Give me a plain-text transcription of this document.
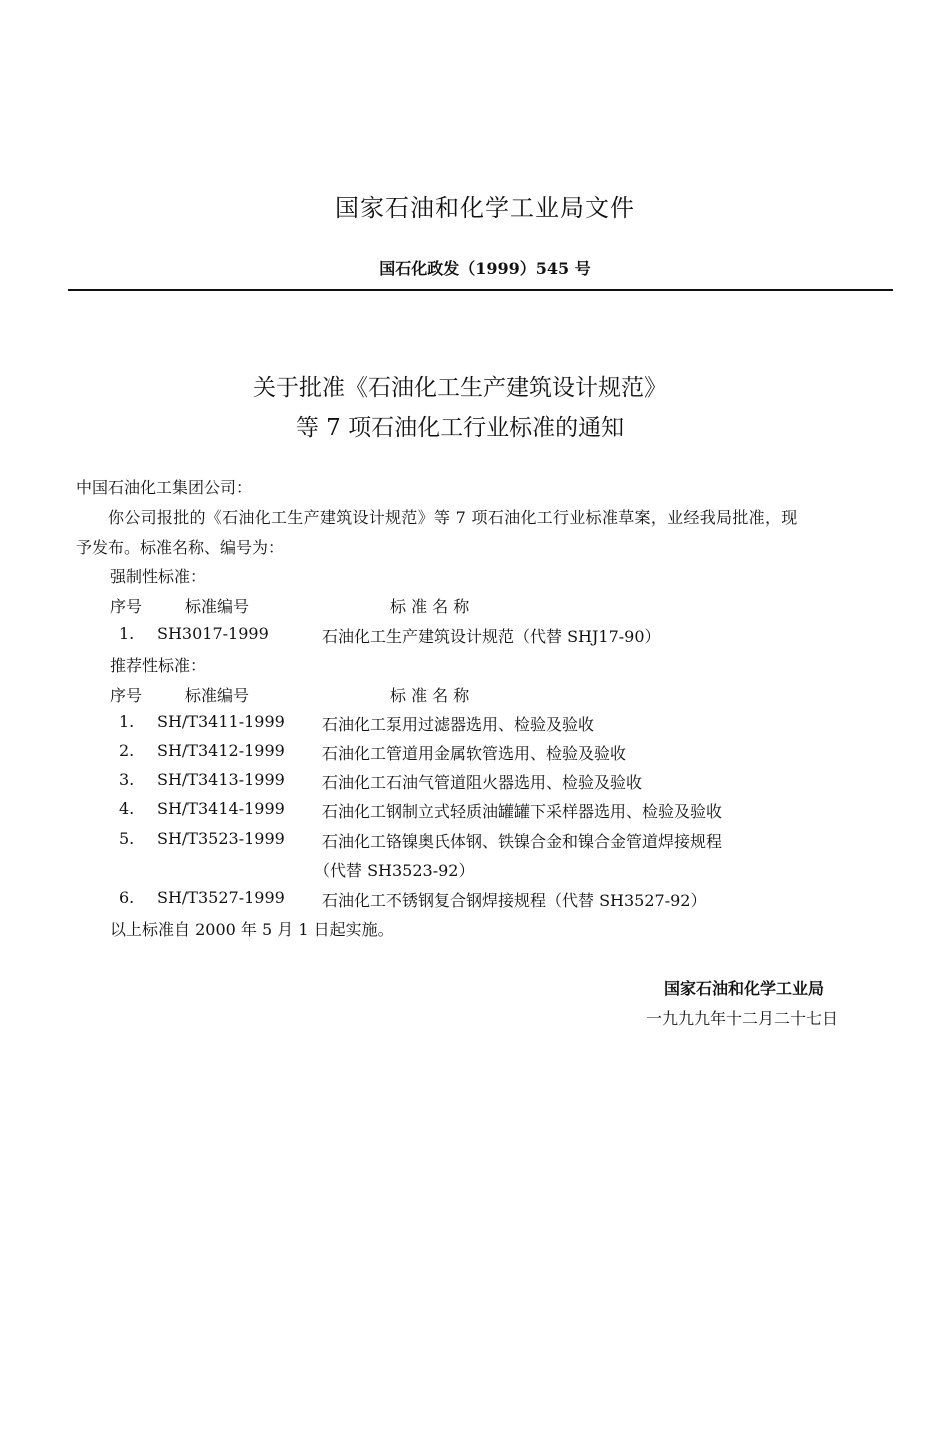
国家石油和化学工业局文件
国石化政发（1999）545 号
关于批准《石油化工生产建筑设计规范》
等 7 项石油化工行业标准的通知
中国石油化工集团公司：
你公司报批的《石油化工生产建筑设计规范》等 7 项石油化工行业标准草案，业经我局批准，现
予发布。标准名称、编号为：
强制性标准：
序号	标准编号	标 准 名 称
1. SH3017-1999	石油化工生产建筑设计规范（代替 SHJ17-90）
推荐性标准：
序号	标准编号	标 准 名 称
1. SH/T3411-1999 石油化工泵用过滤器选用、检验及验收
2. SH/T3412-1999 石油化工管道用金属软管选用、检验及验收
3. SH/T3413-1999 石油化工石油气管道阻火器选用、检验及验收
4. SH/T3414-1999 石油化工钢制立式轻质油罐罐下采样器选用、检验及验收
5. SH/T3523-1999 石油化工铬镍奥氏体钢、铁镍合金和镍合金管道焊接规程
（代替 SH3523-92）
6. SH/T3527-1999 石油化工不锈钢复合钢焊接规程（代替 SH3527-92）
以上标准自 2000 年 5 月 1 日起实施。
国家石油和化学工业局
一九九九年十二月二十七日
